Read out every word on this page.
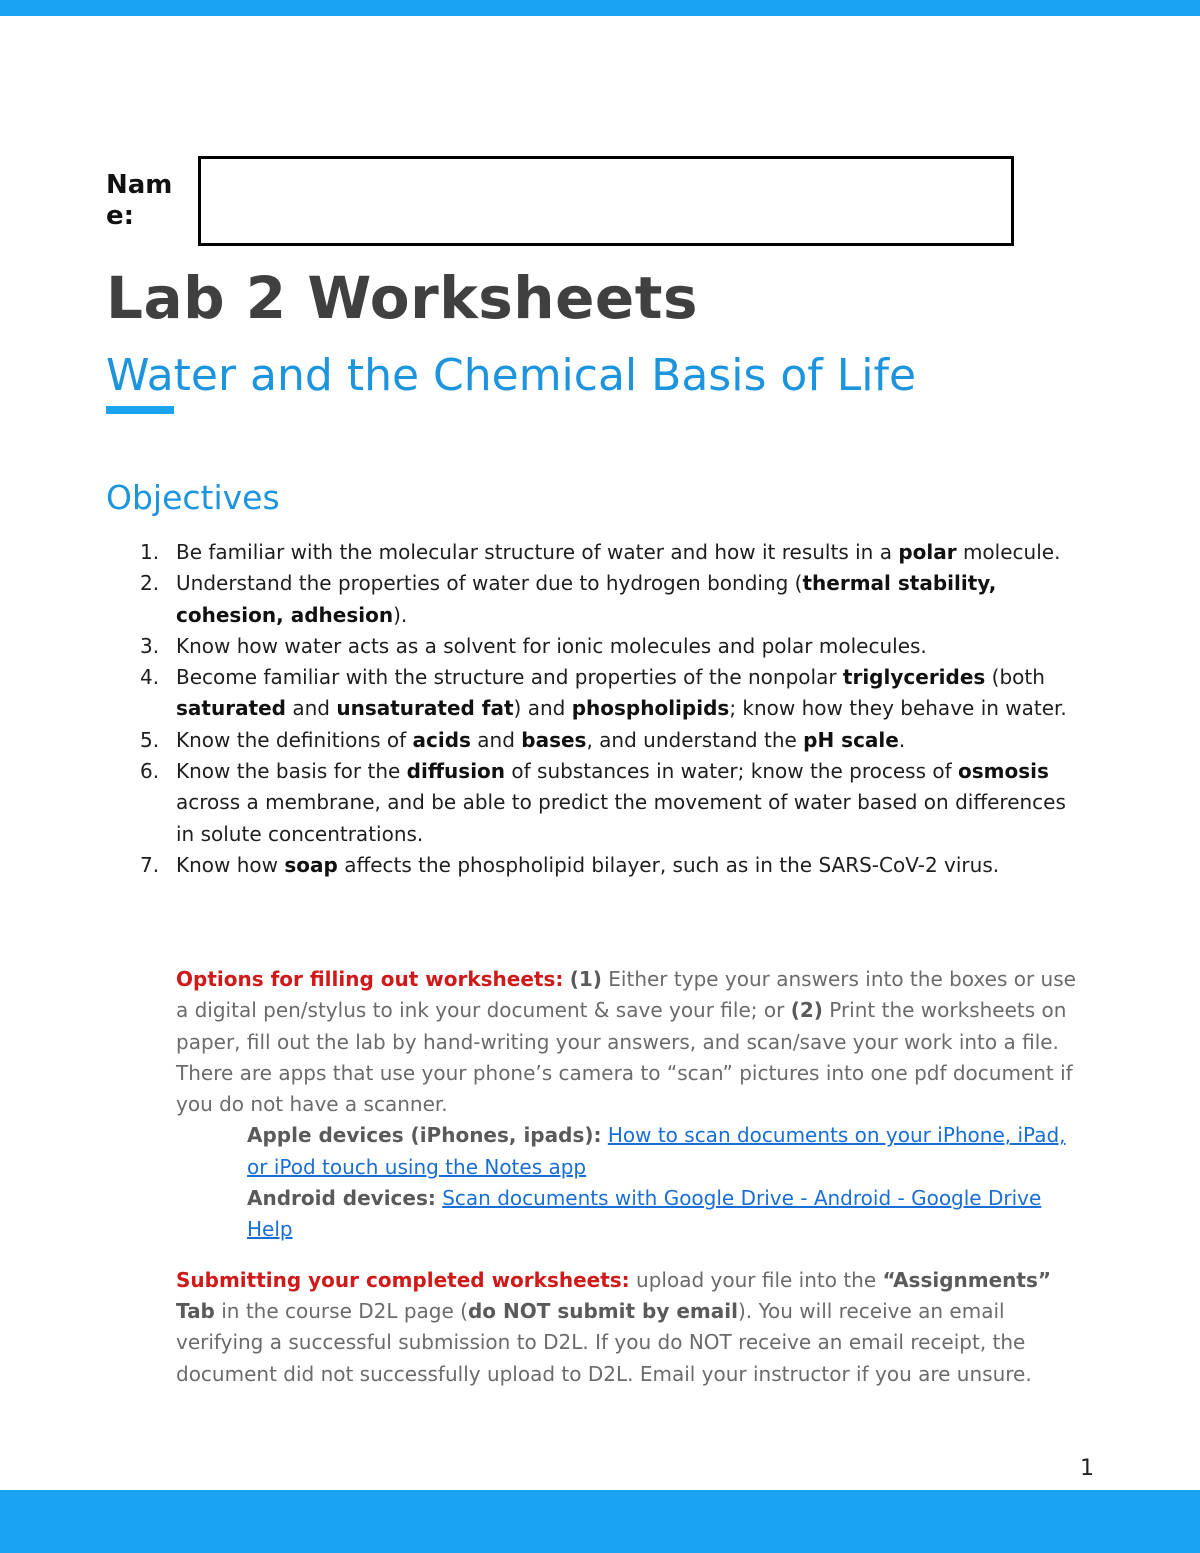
Name:
Lab 2 Worksheets
Water and the Chemical Basis of Life
Objectives
1. Be familiar with the molecular structure of water and how it results in a polar molecule.
2. Understand the properties of water due to hydrogen bonding (thermal stability, cohesion, adhesion).
3. Know how water acts as a solvent for ionic molecules and polar molecules.
4. Become familiar with the structure and properties of the nonpolar triglycerides (both saturated and unsaturated fat) and phospholipids; know how they behave in water.
5. Know the definitions of acids and bases, and understand the pH scale.
6. Know the basis for the diffusion of substances in water; know the process of osmosis across a membrane, and be able to predict the movement of water based on differences in solute concentrations.
7. Know how soap affects the phospholipid bilayer, such as in the SARS-CoV-2 virus.

Options for filling out worksheets: (1) Either type your answers into the boxes or use a digital pen/stylus to ink your document & save your file; or (2) Print the worksheets on paper, fill out the lab by hand-writing your answers, and scan/save your work into a file. There are apps that use your phone’s camera to “scan” pictures into one pdf document if you do not have a scanner.

Apple devices (iPhones, ipads): How to scan documents on your iPhone, iPad, or iPod touch using the Notes app

Android devices: Scan documents with Google Drive - Android - Google Drive Help

Submitting your completed worksheets: upload your file into the “Assignments” Tab in the course D2L page (do NOT submit by email). You will receive an email verifying a successful submission to D2L. If you do NOT receive an email receipt, the document did not successfully upload to D2L. Email your instructor if you are unsure.

1
